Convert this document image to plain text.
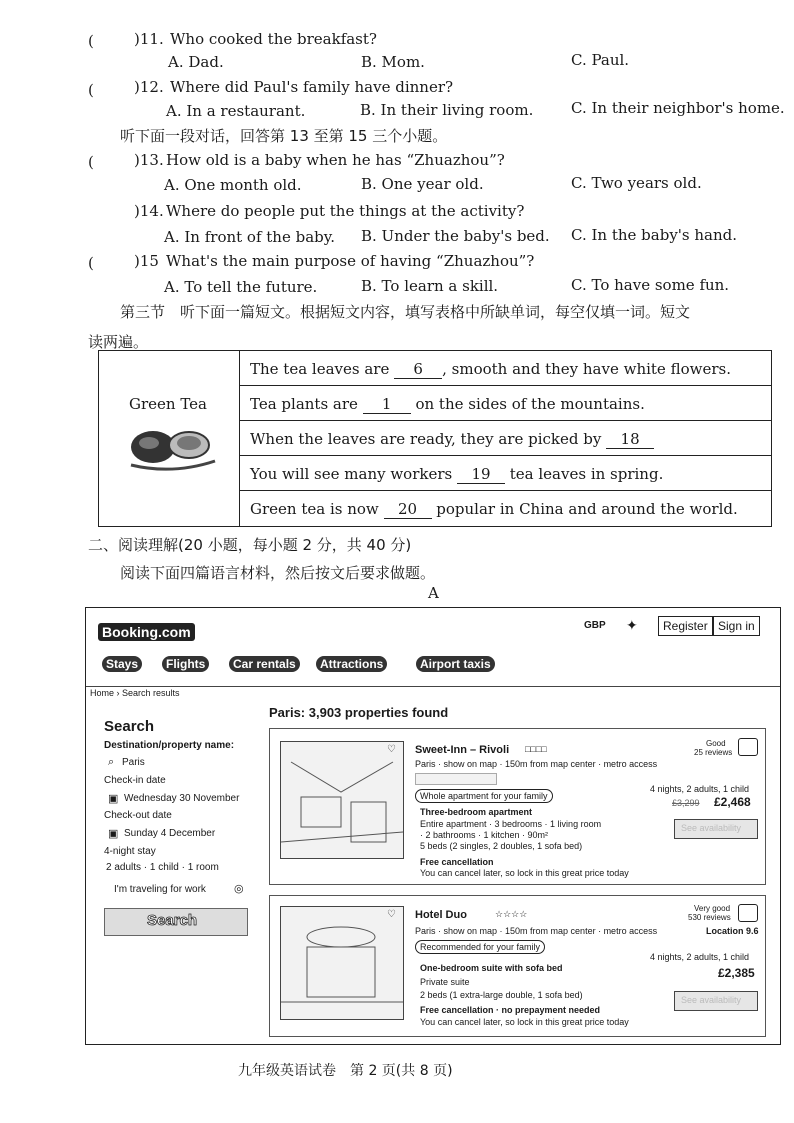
(	)11. Who cooked the breakfast?
A. Dad.	B. Mom.	C. Paul.
(	)12. Where did Paul's family have dinner?
A. In a restaurant.	B. In their living room.	C. In their neighbor's home.
听下面一段对话，回答第 13 至第 15 三个小题。
(	)13. How old is a baby when he has “Zhuazhou”?
A. One month old.	B. One year old.	C. Two years old.
)14. Where do people put the things at the activity?
A. In front of the baby. B. Under the baby's bed. C. In the baby's hand.
(	)15 What's the main purpose of having “Zhuazhou”?
A. To tell the future.	B. To learn a skill.	C. To have some fun.
第三节　听下面一篇短文。根据短文内容，填写表格中所缺单词，每空仅填一词。短文
读两遍。
Green Tea
The tea leaves are 6 , smooth and they have white flowers.
Tea plants are 1 on the sides of the mountains.
When the leaves are ready, they are picked by 18
You will see many workers 19 tea leaves in spring.
Green tea is now 20 popular in China and around the world.
二、阅读理解(20 小题，每小题 2 分，共 40 分)
阅读下面四篇语言材料，然后按文后要求做题。
A
Booking.com	GBP ✦	Register Sign in
Stays	Flights	Car rentals	Attractions	Airport taxis
Home › Search results
Search
Destination/property name:
⌕ Paris
Check-in date
▣ Wednesday 30 November
Check-out date
▣ Sunday 4 December
4-night stay
2 adults · 1 child · 1 room
I'm traveling for work	◎
Search
Paris: 3,903 properties found
♡ Sweet-Inn – Rivoli □□□□
Paris · show on map · 150m from map center · metro access
Whole apartment for your family
Good
25 reviews
Three-bedroom apartment
Entire apartment · 3 bedrooms · 1 living room
· 2 bathrooms · 1 kitchen · 90m²
5 beds (2 singles, 2 doubles, 1 sofa bed)
Free cancellation
You can cancel later, so lock in this great price today
4 nights, 2 adults, 1 child
£3,299 £2,468
See availability
♡ Hotel Duo	☆☆☆☆
Paris · show on map · 150m from map center · metro access
Recommended for your family
Very good
530 reviews
Location 9.6
One-bedroom suite with sofa bed
Private suite
2 beds (1 extra-large double, 1 sofa bed)
Free cancellation · no prepayment needed
You can cancel later, so lock in this great price today
4 nights, 2 adults, 1 child
£2,385
See availability
九年级英语试卷　第 2 页(共 8 页)
